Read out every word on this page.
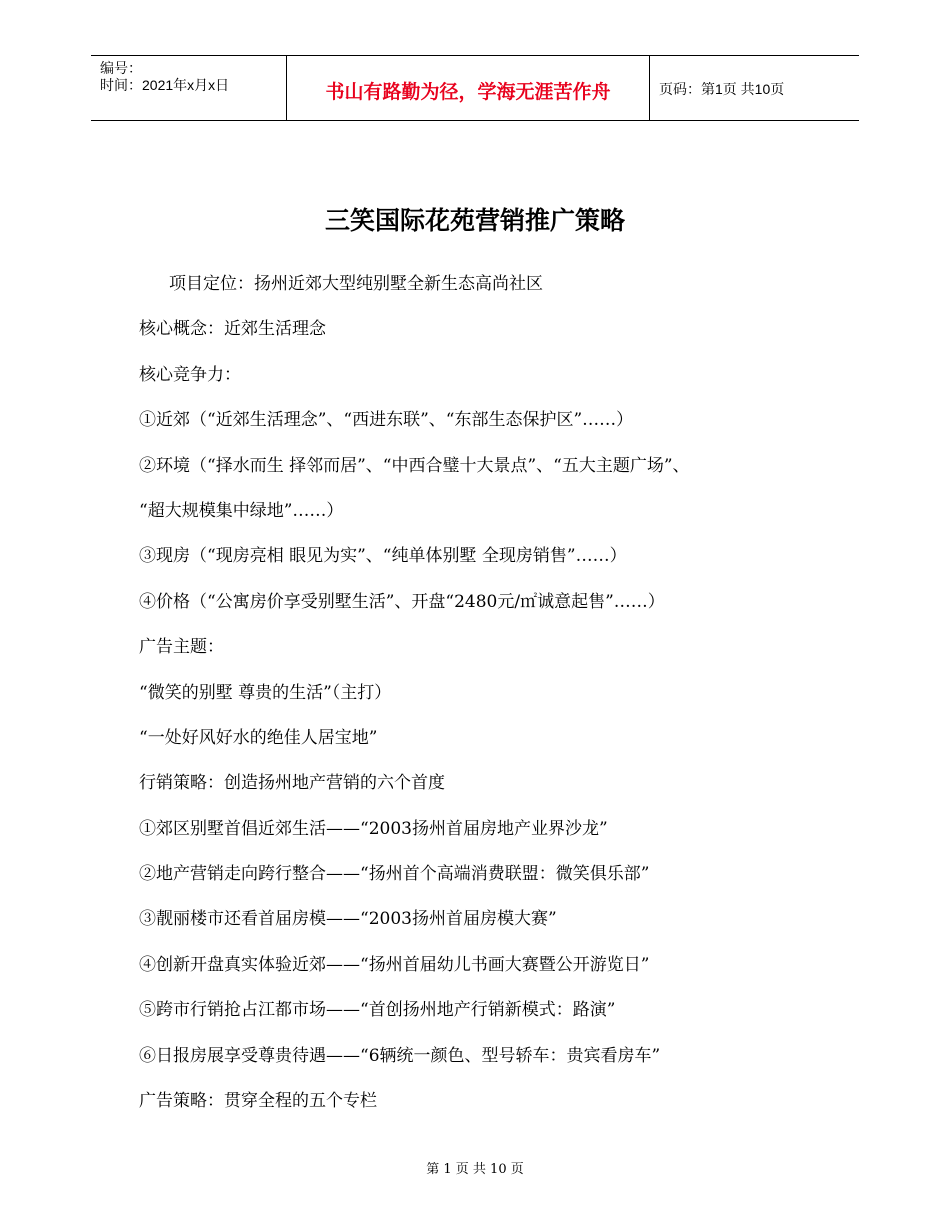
编号：
时间：2021年x月x日	书山有路勤为径，学海无涯苦作舟	页码：第1页 共10页
三笑国际花苑营销推广策略
项目定位：扬州近郊大型纯别墅全新生态高尚社区
核心概念：近郊生活理念
核心竞争力：
①近郊（“近郊生活理念”、“西进东联”、“东部生态保护区”……）
②环境（“择水而生 择邻而居”、“中西合璧十大景点”、“五大主题广场”、
“超大规模集中绿地”……）
③现房（“现房亮相 眼见为实”、“纯单体别墅 全现房销售”……）
④价格（“公寓房价享受别墅生活”、开盘“2480元/㎡诚意起售”……）
广告主题：
“微笑的别墅 尊贵的生活”（主打）
“一处好风好水的绝佳人居宝地”
行销策略：创造扬州地产营销的六个首度
①郊区别墅首倡近郊生活——“2003扬州首届房地产业界沙龙”
②地产营销走向跨行整合——“扬州首个高端消费联盟：微笑俱乐部”
③靓丽楼市还看首届房模——“2003扬州首届房模大赛”
④创新开盘真实体验近郊——“扬州首届幼儿书画大赛暨公开游览日”
⑤跨市行销抢占江都市场——“首创扬州地产行销新模式：路演”
⑥日报房展享受尊贵待遇——“6辆统一颜色、型号轿车：贵宾看房车”
广告策略：贯穿全程的五个专栏
第 1 页 共 10 页
